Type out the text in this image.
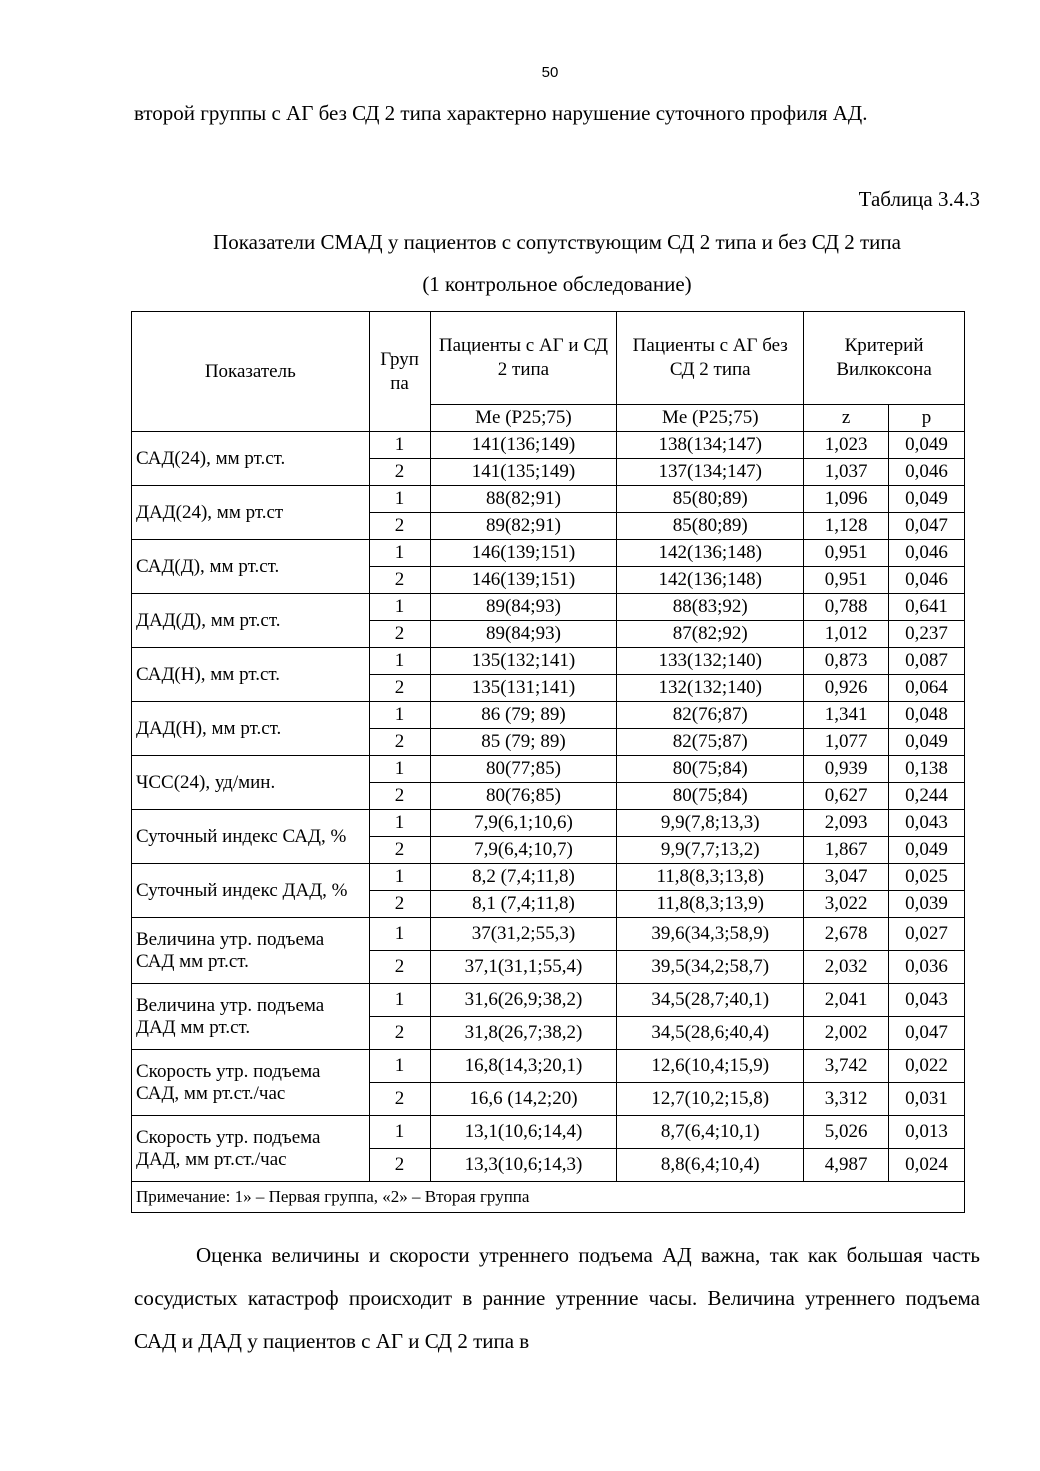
50
второй группы с АГ без СД 2 типа характерно нарушение суточного профиля АД.
Таблица 3.4.3
Показатели СМАД у пациентов с сопутствующим СД 2 типа и без СД 2 типа
(1 контрольное обследование)
Показатель	Груп па	Пациенты с АГ и СД 2 типа	Пациенты с АГ без СД 2 типа	Критерий Вилкоксона	
		Me (P25;75)	Me (P25;75)	z	p
САД(24), мм рт.ст.	1	141(136;149)	138(134;147)	1,023	0,049
	2	141(135;149)	137(134;147)	1,037	0,046
ДАД(24), мм рт.ст	1	88(82;91)	85(80;89)	1,096	0,049
	2	89(82;91)	85(80;89)	1,128	0,047
САД(Д), мм рт.ст.	1	146(139;151)	142(136;148)	0,951	0,046
	2	146(139;151)	142(136;148)	0,951	0,046
ДАД(Д), мм рт.ст.	1	89(84;93)	88(83;92)	0,788	0,641
	2	89(84;93)	87(82;92)	1,012	0,237
САД(Н), мм рт.ст.	1	135(132;141)	133(132;140)	0,873	0,087
	2	135(131;141)	132(132;140)	0,926	0,064
ДАД(Н), мм рт.ст.	1	86 (79; 89)	82(76;87)	1,341	0,048
	2	85 (79; 89)	82(75;87)	1,077	0,049
ЧСС(24), уд/мин.	1	80(77;85)	80(75;84)	0,939	0,138
	2	80(76;85)	80(75;84)	0,627	0,244
Суточный индекс САД, %	1	7,9(6,1;10,6)	9,9(7,8;13,3)	2,093	0,043
	2	7,9(6,4;10,7)	9,9(7,7;13,2)	1,867	0,049
Суточный индекс ДАД, %	1	8,2 (7,4;11,8)	11,8(8,3;13,8)	3,047	0,025
	2	8,1 (7,4;11,8)	11,8(8,3;13,9)	3,022	0,039
Величина утр. подъема САД мм рт.ст.	1	37(31,2;55,3)	39,6(34,3;58,9)	2,678	0,027
	2	37,1(31,1;55,4)	39,5(34,2;58,7)	2,032	0,036
Величина утр. подъема ДАД мм рт.ст.	1	31,6(26,9;38,2)	34,5(28,7;40,1)	2,041	0,043
	2	31,8(26,7;38,2)	34,5(28,6;40,4)	2,002	0,047
Скорость утр. подъема САД, мм рт.ст./час	1	16,8(14,3;20,1)	12,6(10,4;15,9)	3,742	0,022
	2	16,6 (14,2;20)	12,7(10,2;15,8)	3,312	0,031
Скорость утр. подъема ДАД, мм рт.ст./час	1	13,1(10,6;14,4)	8,7(6,4;10,1)	5,026	0,013
	2	13,3(10,6;14,3)	8,8(6,4;10,4)	4,987	0,024
Примечание: 1» – Первая группа, «2» – Вторая группа					
Оценка величины и скорости утреннего подъема АД важна, так как большая часть сосудистых катастроф происходит в ранние утренние часы. Величина утреннего подъема САД и ДАД у пациентов с АГ и СД 2 типа в
